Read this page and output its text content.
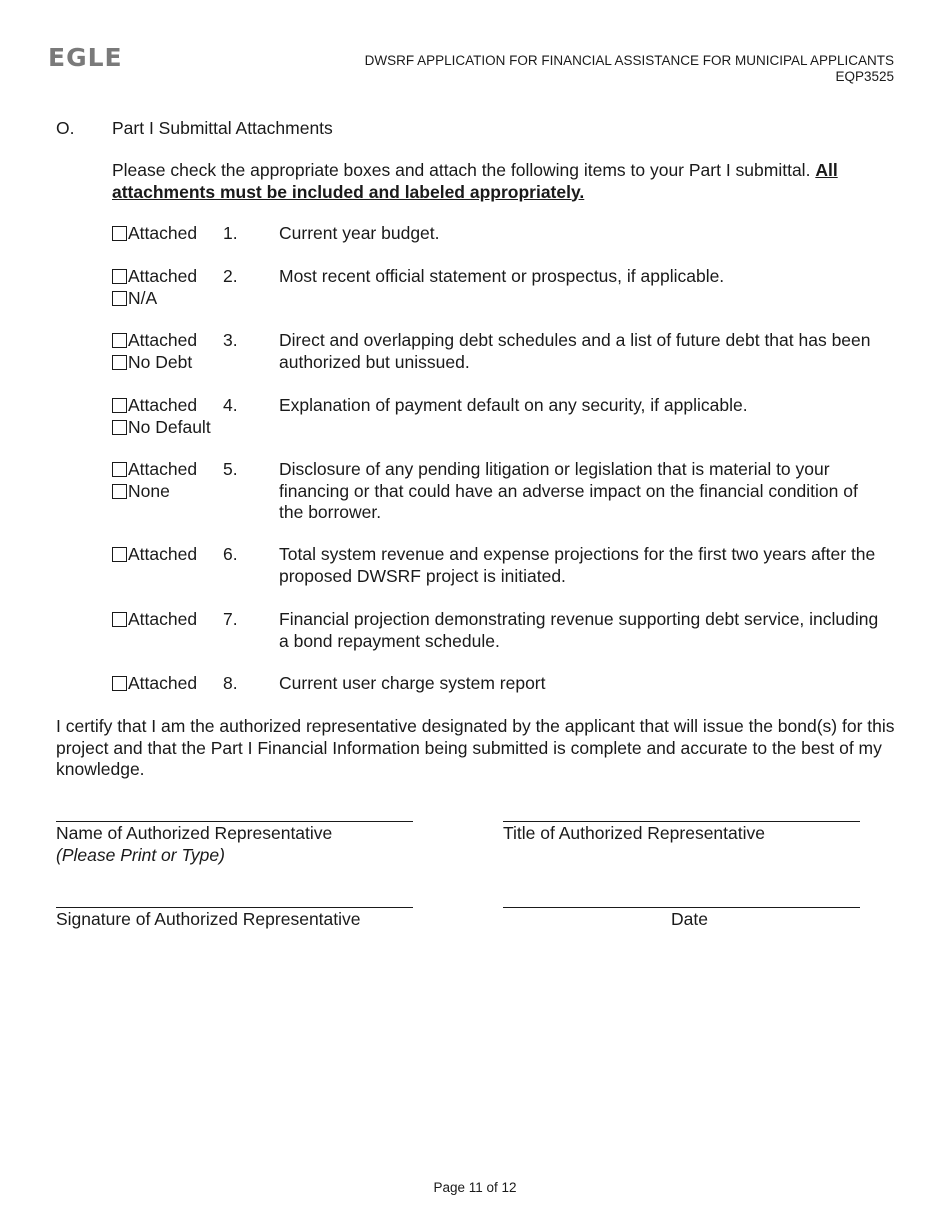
EGLE	DWSRF APPLICATION FOR FINANCIAL ASSISTANCE FOR MUNICIPAL APPLICANTS
EQP3525
O. Part I Submittal Attachments
Please check the appropriate boxes and attach the following items to your Part I submittal. All attachments must be included and labeled appropriately.
Attached 1. Current year budget.
Attached
N/A
2. Most recent official statement or prospectus, if applicable.
Attached
No Debt
3. Direct and overlapping debt schedules and a list of future debt that has been authorized but unissued.
Attached
No Default
4. Explanation of payment default on any security, if applicable.
Attached
None
5. Disclosure of any pending litigation or legislation that is material to your financing or that could have an adverse impact on the financial condition of the borrower.
Attached 6. Total system revenue and expense projections for the first two years after the proposed DWSRF project is initiated.
Attached 7. Financial projection demonstrating revenue supporting debt service, including a bond repayment schedule.
Attached 8. Current user charge system report
I certify that I am the authorized representative designated by the applicant that will issue the bond(s) for this project and that the Part I Financial Information being submitted is complete and accurate to the best of my knowledge.
Name of Authorized Representative
(Please Print or Type)
Title of Authorized Representative
Signature of Authorized Representative	Date
Page 11 of 12
